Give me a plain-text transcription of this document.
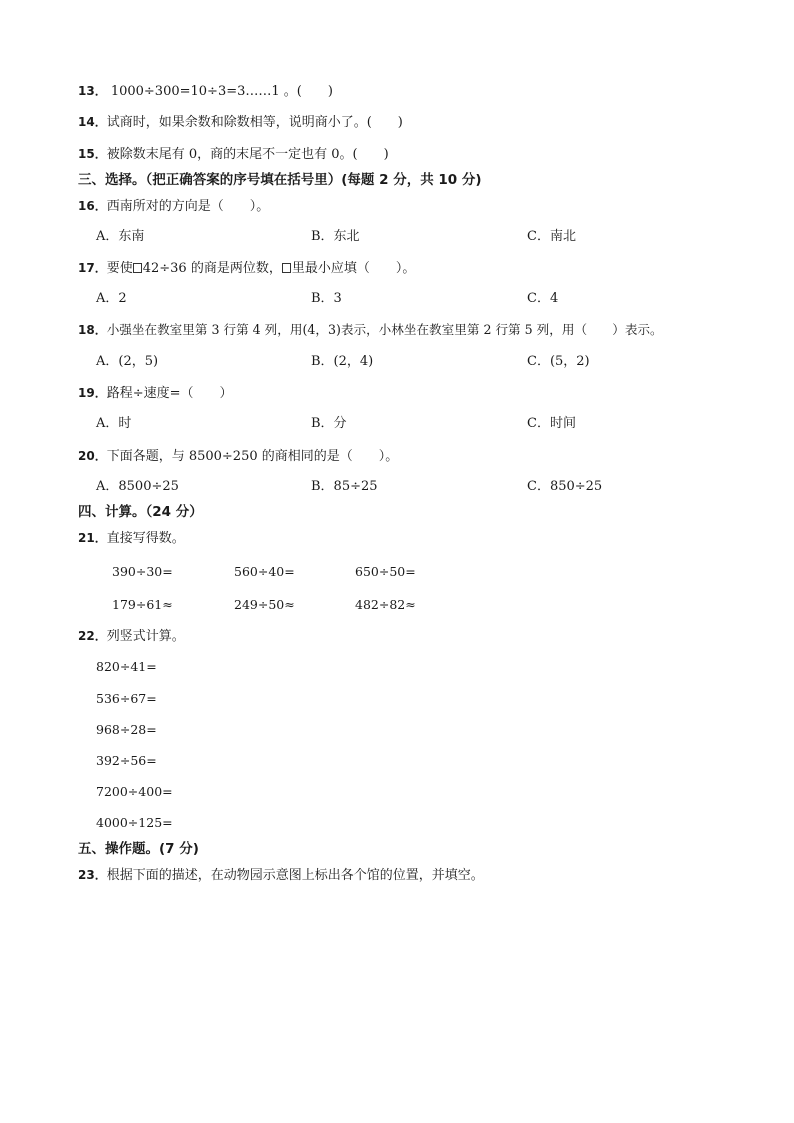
13． 1000÷300=10÷3=3……1 。(　　)
14．试商时，如果余数和除数相等，说明商小了。(　　)
15．被除数末尾有 0，商的末尾不一定也有 0。(　　)
三、选择。（把正确答案的序号填在括号里）(每题 2 分，共 10 分)
16．西南所对的方向是（　　）。
A．东南	B．东北	C．南北
17．要使 42÷36 的商是两位数， 里最小应填（　　）。
A．2	B．3	C．4
18．小强坐在教室里第 3 行第 4 列，用(4，3)表示，小林坐在教室里第 2 行第 5 列，用（　　）表示。
A．(2，5)	B．(2，4)	C．(5，2)
19．路程÷速度=（　　）
A．时	B．分	C．时间
20．下面各题，与 8500÷250 的商相同的是（　　）。
A．8500÷25	B．85÷25	C．850÷25
四、计算。（24 分）
21．直接写得数。
390÷30=	560÷40=	650÷50=
179÷61≈	249÷50≈	482÷82≈
22．列竖式计算。
820÷41=
536÷67=
968÷28=
392÷56=
7200÷400=
4000÷125=
五、操作题。(7 分)
23．根据下面的描述，在动物园示意图上标出各个馆的位置，并填空。
